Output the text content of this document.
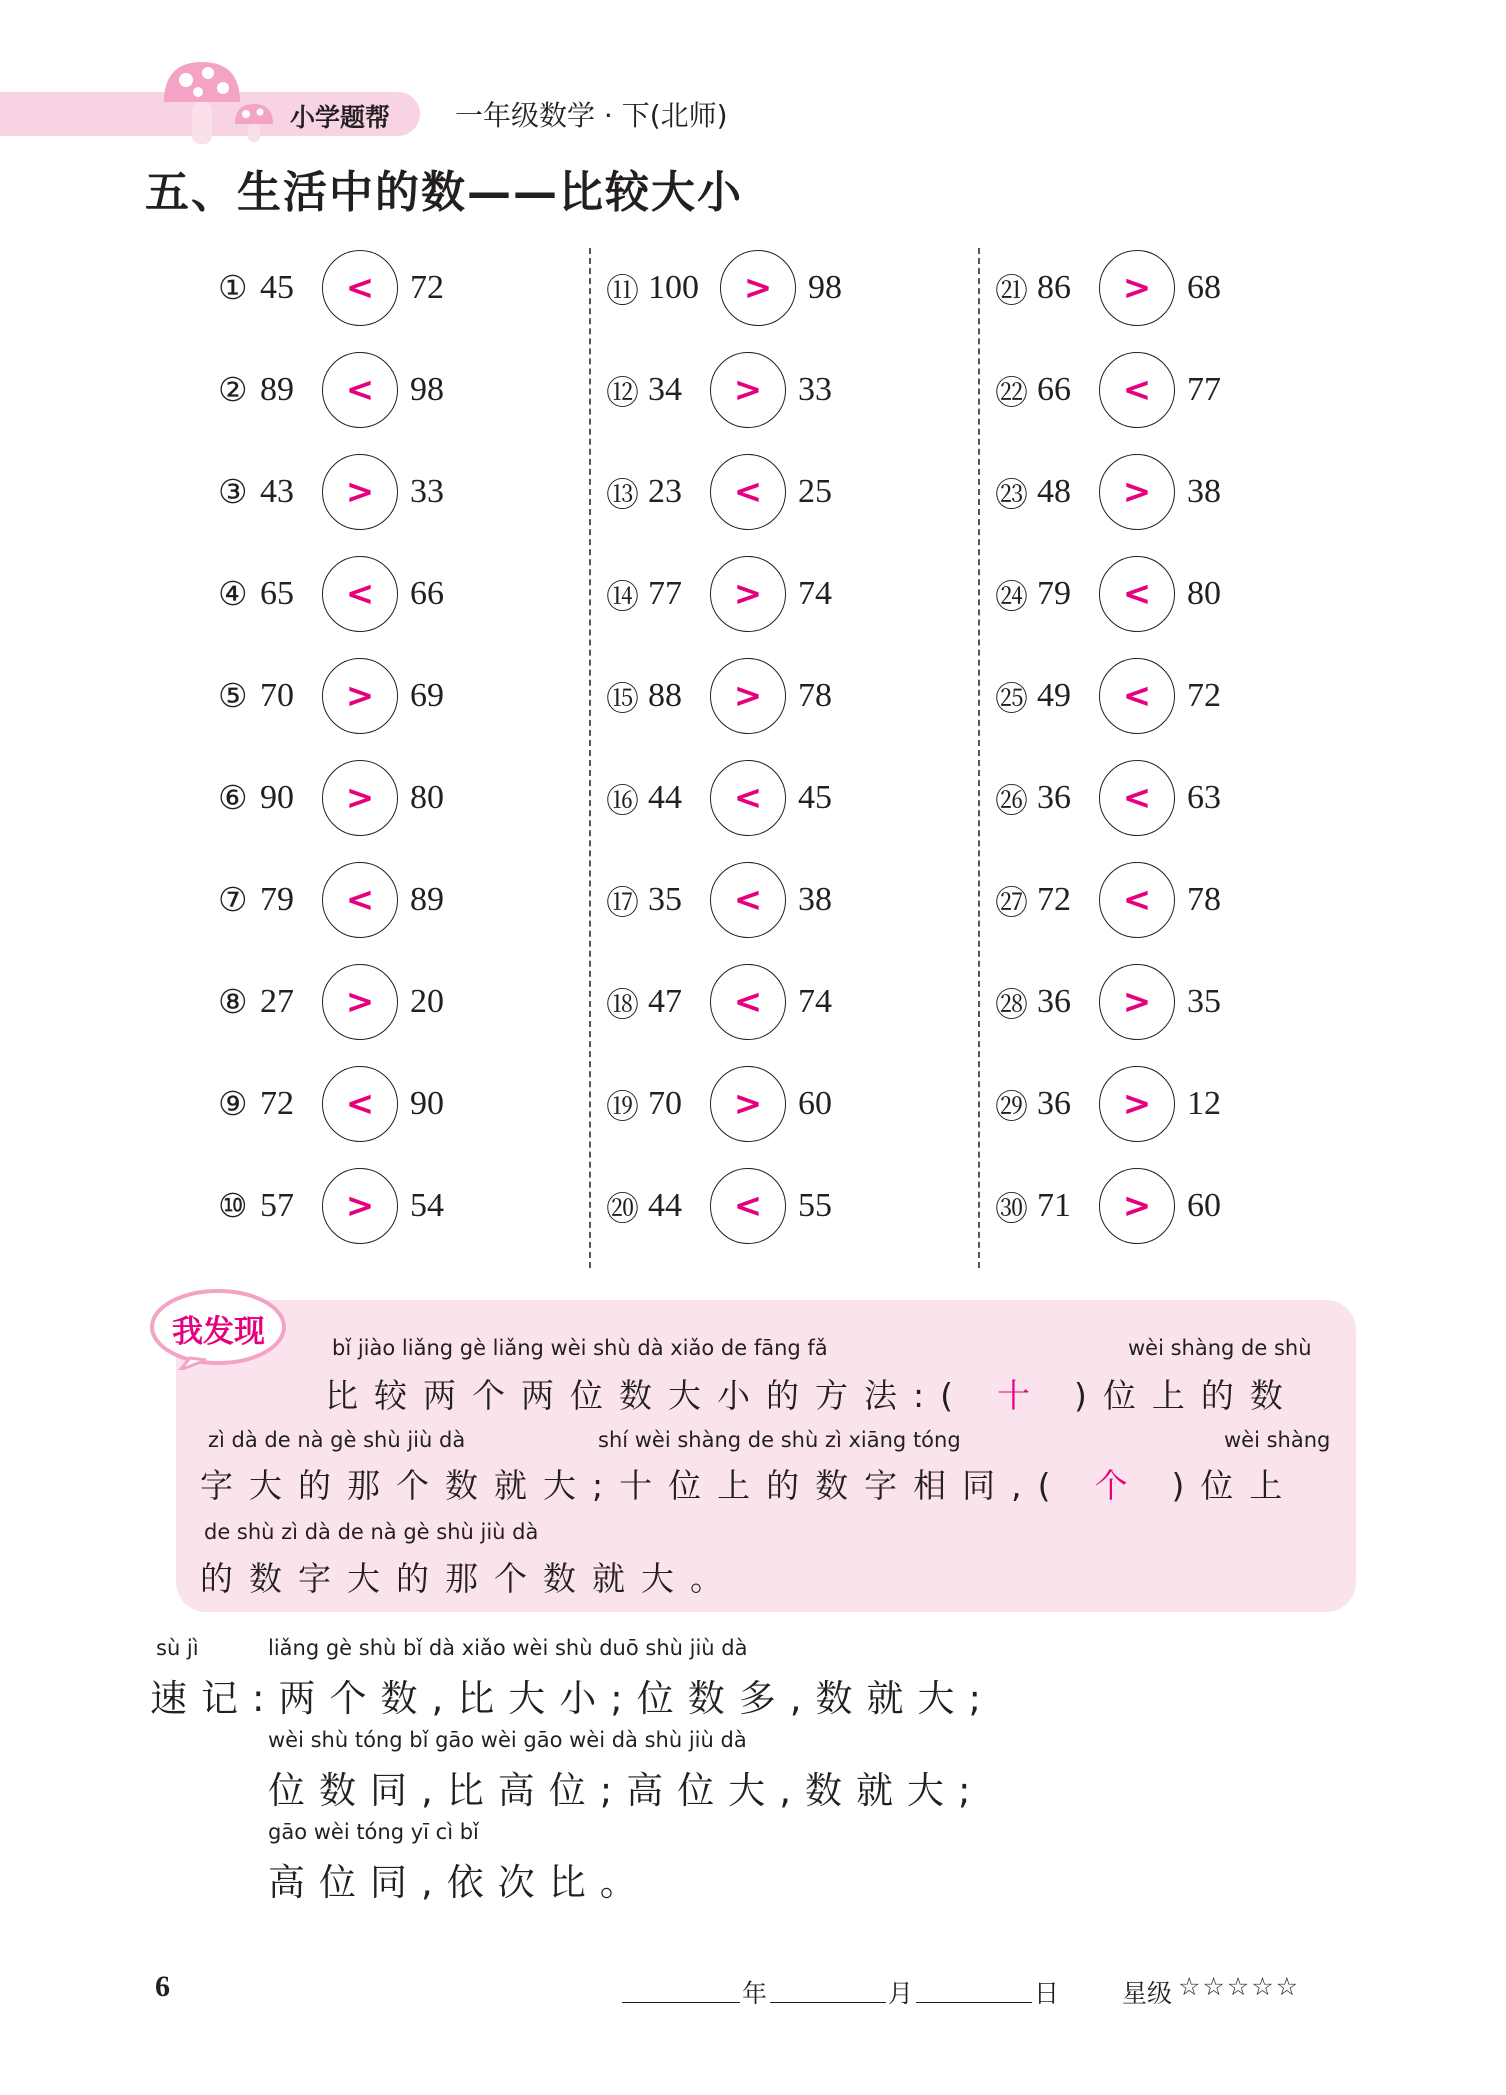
小学题帮 一年级数学 · 下(北师)
五、生活中的数——比较大小
① 45	<	72
② 89	<	98
③ 43	>	33
④ 65	<	66
⑤ 70	>	69
⑥ 90	>	80
⑦ 79	<	89
⑧ 27	>	20
⑨ 72	<	90
⑩ 57	>	54
⑪ 100	>	98
⑫ 34	>	33
⑬ 23	<	25
⑭ 77	>	74
⑮ 88	>	78
⑯ 44	<	45
⑰ 35	<	38
⑱ 47	<	74
⑲ 70	>	60
⑳ 44	<	55
㉑ 86	>	68
㉒ 66	<	77
㉓ 48	>	38
㉔ 79	<	80
㉕ 49	<	72
㉖ 36	<	63
㉗ 72	<	78
㉘ 36	>	35
㉙ 36	>	12
㉚ 71	>	60
我发现	bǐ jiào liǎng gè liǎng wèi shù dà xiǎo de fāng fǎ	wèi shàng de shù
比较两个两位数大小的方法:( 十 )位上的数
zì dà de nà gè shù jiù dà	shí wèi shàng de shù zì xiāng tóng	wèi shàng
字大的那个数就大;十位上的数字相同,( 个 )位上
de shù zì dà de nà gè shù jiù dà
的数字大的那个数就大。
sù jì	liǎng gè shù bǐ dà xiǎo wèi shù duō shù jiù dà
速记:两个数,比大小;位数多,数就大;
wèi shù tóng bǐ gāo wèi gāo wèi dà shù jiù dà
位数同,比高位;高位大,数就大;
gāo wèi tóng yī cì bǐ
高位同,依次比。
6	年	月	日	星级 ☆☆☆☆☆
